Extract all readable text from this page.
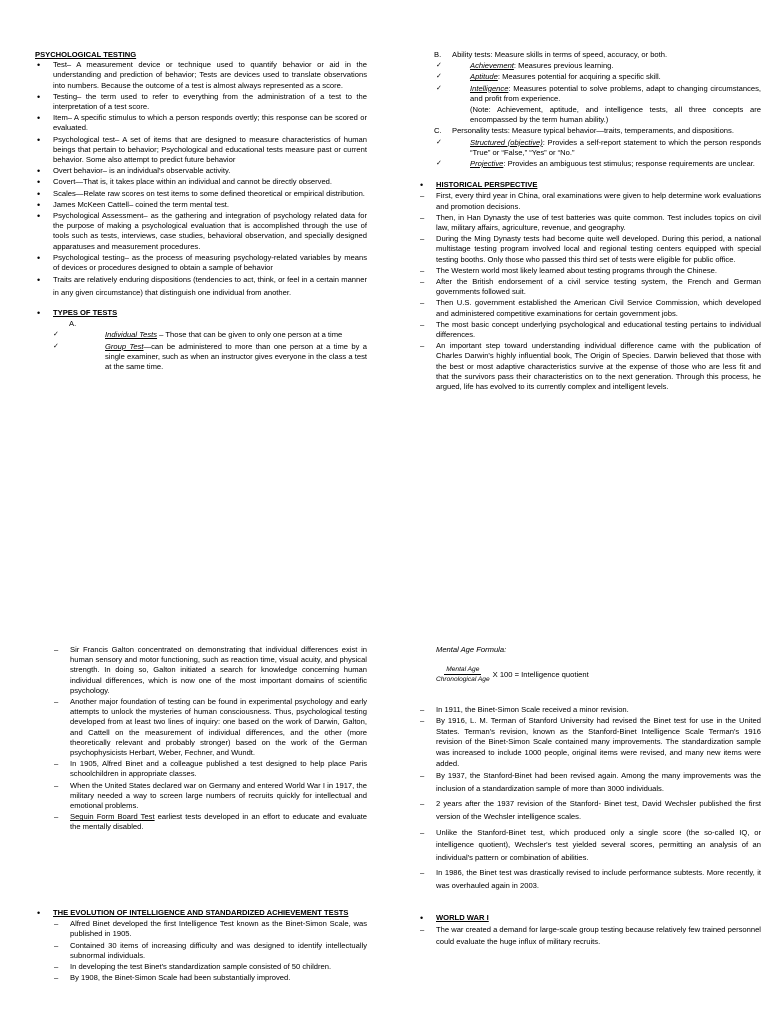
PSYCHOLOGICAL TESTING
• Test– A measurement device or technique used to quantify behavior or aid in the understanding and prediction of behavior; Tests are devices used to translate observations into numbers. Because the outcome of a test is almost always represented as a score.
• Testing– the term used to refer to everything from the administration of a test to the interpretation of a test score.
• Item– A specific stimulus to which a person responds overtly; this response can be scored or evaluated.
• Psychological test– A set of items that are designed to measure characteristics of human beings that pertain to behavior; Psychological and educational tests measure past or current behavior. Some also attempt to predict future behavior
• Overt behavior– is an individual's observable activity.
• Covert—That is, it takes place within an individual and cannot be directly observed.
• Scales—Relate raw scores on test items to some defined theoretical or empirical distribution.
• James McKeen Cattell– coined the term mental test.
• Psychological Assessment– as the gathering and integration of psychology related data for the purpose of making a psychological evaluation that is accomplished through the use of tools such as tests, interviews, case studies, behavioral observation, and specially designed apparatuses and measurement procedures.
• Psychological testing– as the process of measuring psychology-related variables by means of devices or procedures designed to obtain a sample of behavior
• Traits are relatively enduring dispositions (tendencies to act, think, or feel in a certain manner in any given circumstance) that distinguish one individual from another.
• TYPES OF TESTS
A.

✓ Individual Tests – Those that can be given to only one person at a time
✓ Group Test—can be administered to more than one person at a time by a single examiner, such as when an instructor gives everyone in the class a test at the same time.
B. Ability tests: Measure skills in terms of speed, accuracy, or both.
✓ Achievement: Measures previous learning.
✓ Aptitude: Measures potential for acquiring a specific skill.
✓ Intelligence: Measures potential to solve problems, adapt to changing circumstances, and profit from experience.
(Note: Achievement, aptitude, and intelligence tests, all three concepts are encompassed by the term human ability.)
C. Personality tests: Measure typical behavior—traits, temperaments, and dispositions.
✓ Structured (objective): Provides a self-report statement to which the person responds “True” or “False,” “Yes” or “No.”
✓ Projective: Provides an ambiguous test stimulus; response requirements are unclear.
• HISTORICAL PERSPECTIVE
– First, every third year in China, oral examinations were given to help determine work evaluations and promotion decisions.
– Then, in Han Dynasty the use of test batteries was quite common. Test includes topics on civil law, military affairs, agriculture, revenue, and geography.
– During the Ming Dynasty tests had become quite well developed. During this period, a national multistage testing program involved local and regional testing centers equipped with special testing booths. Only those who passed this third set of tests were eligible for public office.
– The Western world most likely learned about testing programs through the Chinese.
– After the British endorsement of a civil service testing system, the French and German governments followed suit.
– Then U.S. government established the American Civil Service Commission, which developed and administered competitive examinations for certain government jobs.
– The most basic concept underlying psychological and educational testing pertains to individual differences.
– An important step toward understanding individual difference came with the publication of Charles Darwin's highly influential book, The Origin of Species. Darwin believed that those with the best or most adaptive characteristics survive at the expense of those who are less fit and that the survivors pass their characteristics on to the next generation. Through this process, he argued, life has evolved to its currently complex and intelligent levels.
– Sir Francis Galton concentrated on demonstrating that individual differences exist in human sensory and motor functioning, such as reaction time, visual acuity, and physical strength. In doing so, Galton initiated a search for knowledge concerning human individual differences, which is now one of the most important domains of scientific psychology.
– Another major foundation of testing can be found in experimental psychology and early attempts to unlock the mysteries of human consciousness. Thus, psychological testing developed from at least two lines of inquiry: one based on the work of Darwin, Galton, and Cattell on the measurement of individual differences, and the other (more theoretically relevant and probably stronger) based on the work of the German psychophysicists Herbart, Weber, Fechner, and Wundt.
– In 1905, Alfred Binet and a colleague published a test designed to help place Paris schoolchildren in appropriate classes.
– When the United States declared war on Germany and entered World War I in 1917, the military needed a way to screen large numbers of recruits quickly for intellectual and emotional problems.
– Seguin Form Board Test earliest tests developed in an effort to educate and evaluate the mentally disabled.
• THE EVOLUTION OF INTELLIGENCE AND STANDARDIZED ACHIEVEMENT TESTS
– Alfred Binet developed the first Intelligence Test known as the Binet-Simon Scale, was published in 1905.
– Contained 30 items of increasing difficulty and was designed to identify intellectually subnormal individuals.
– In developing the test Binet's standardization sample consisted of 50 children.
– By 1908, the Binet-Simon Scale had been substantially improved.
Mental Age Formula:
$\frac{\text{Mental Age}}{\text{Chronological Age}}$ X 100 = Intelligence quotient
– In 1911, the Binet-Simon Scale received a minor revision.
– By 1916, L. M. Terman of Stanford University had revised the Binet test for use in the United States. Terman's revision, known as the Stanford-Binet Intelligence Scale Terman's 1916 revision of the Binet-Simon Scale contained many improvements. The standardization sample was increased to include 1000 people, original items were revised, and many new items were added.
– By 1937, the Stanford-Binet had been revised again. Among the many improvements was the inclusion of a standardization sample of more than 3000 individuals.
– 2 years after the 1937 revision of the Stanford- Binet test, David Wechsler published the first version of the Wechsler intelligence scales.
– Unlike the Stanford-Binet test, which produced only a single score (the so-called IQ, or intelligence quotient), Wechsler's test yielded several scores, permitting an analysis of an individual's pattern or combination of abilities.
– In 1986, the Binet test was drastically revised to include performance subtests. More recently, it was overhauled again in 2003.
• WORLD WAR I
– The war created a demand for large-scale group testing because relatively few trained personnel could evaluate the huge influx of military recruits.
